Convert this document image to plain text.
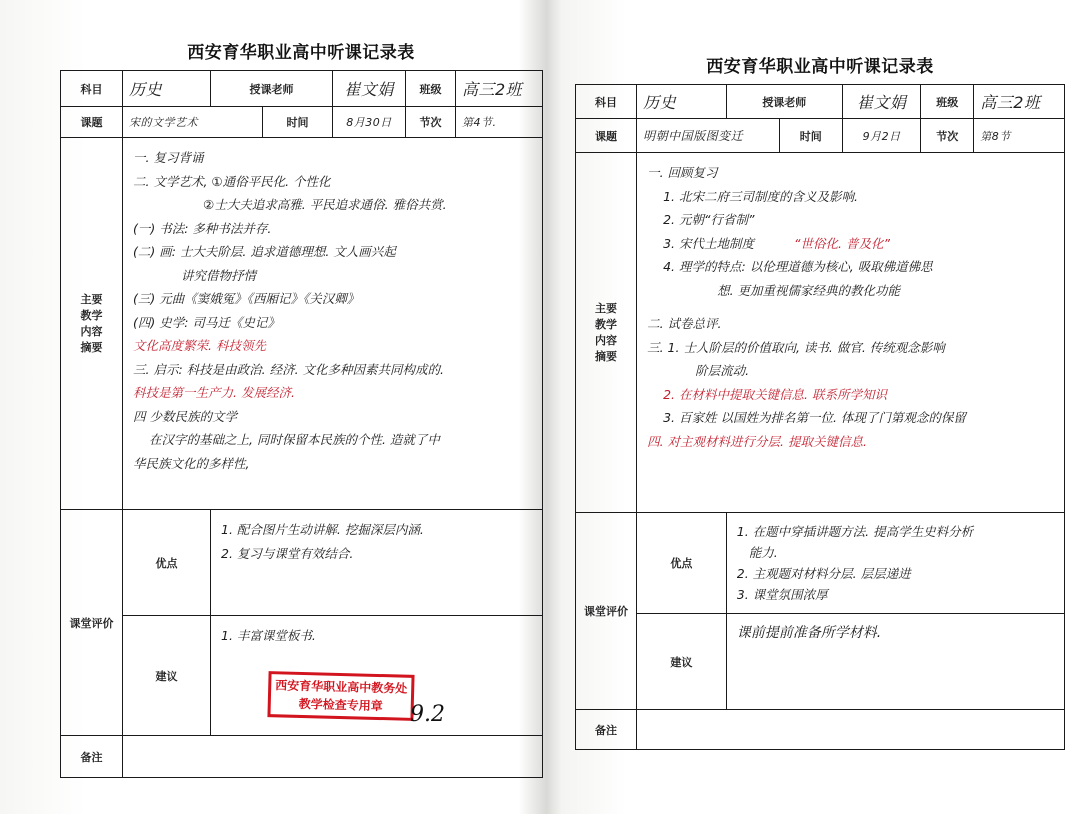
西安育华职业高中听课记录表
科目	历史	授课老师		崔文娟	班级	高三2班
课题	宋的文学艺术		时间	8月30日	节次	第4节.

主要
教学
内容
摘要

一. 复习背诵
二. 文学艺术, ①通俗平民化. 个性化
②士大夫追求高雅. 平民追求通俗. 雅俗共赏.
(一) 书法: 多种书法并存.
(二) 画: 士大夫阶层. 追求道德理想. 文人画兴起
讲究借物抒情
(三) 元曲《窦娥冤》《西厢记》《关汉卿》
(四) 史学: 司马迁《史记》
文化高度繁荣. 科技领先
三. 启示: 科技是由政治. 经济. 文化多种因素共同构成的.
科技是第一生产力. 发展经济.
四 少数民族的文学
在汉字的基础之上, 同时保留本民族的个性. 造就了中
华民族文化的多样性,

课堂评价	优点	1. 配合图片生动讲解. 挖掘深层内涵.
2. 复习与课堂有效结合.				

	建议	1. 丰富课堂板书.				

备注						
西安育华职业高中教务处
教学检查专用章	9.2
西安育华职业高中听课记录表
科目	历史	授课老师		崔文娟	班级	高三2班
课题	明朝中国版图变迁		时间	9月2日	节次	第8节

主要
教学
内容
摘要

一. 回顾复习
1. 北宋二府三司制度的含义及影响.
2. 元朝“行省制”
3. 宋代土地制度	“世俗化. 普及化”
4. 理学的特点: 以伦理道德为核心, 吸取佛道佛思
想. 更加重视儒家经典的教化功能
二. 试卷总评.
三. 1. 士人阶层的价值取向, 读书. 做官. 传统观念影响
阶层流动.
2. 在材料中提取关键信息. 联系所学知识
3. 百家姓 以国姓为排名第一位. 体现了门第观念的保留
四. 对主观材料进行分层. 提取关键信息.

课堂评价	优点	1. 在题中穿插讲题方法. 提高学生史料分析
能力.
2. 主观题对材料分层. 层层递进
3. 课堂氛围浓厚				

	建议	课前提前准备所学材料.				

备注						
